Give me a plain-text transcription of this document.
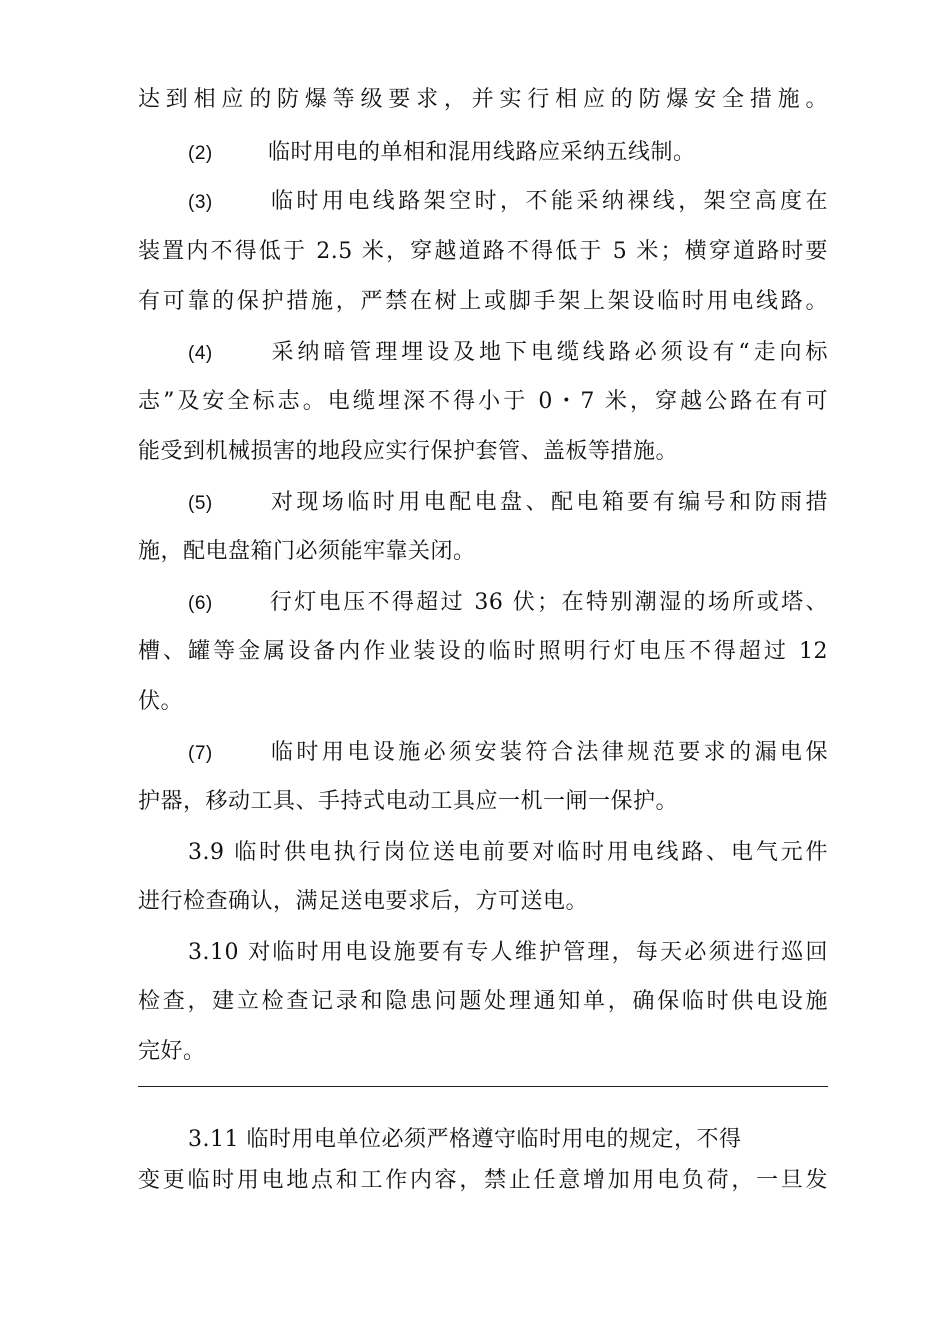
达到相应的防爆等级要求，并实行相应的防爆安全措施。
(2)	临时用电的单相和混用线路应采纳五线制。
(3)	临时用电线路架空时，不能采纳裸线，架空高度在
装置内不得低于 2.5 米，穿越道路不得低于 5 米；横穿道路时要
有可靠的保护措施，严禁在树上或脚手架上架设临时用电线路。
(4)	采纳暗管理埋设及地下电缆线路必须设有“走向标
志”及安全标志。电缆埋深不得小于 0・7 米，穿越公路在有可
能受到机械损害的地段应实行保护套管、盖板等措施。
(5)	对现场临时用电配电盘、配电箱要有编号和防雨措
施，配电盘箱门必须能牢靠关闭。
(6)	行灯电压不得超过 36 伏；在特别潮湿的场所或塔、
槽、罐等金属设备内作业装设的临时照明行灯电压不得超过 12
伏。
(7)	临时用电设施必须安装符合法律规范要求的漏电保
护器，移动工具、手持式电动工具应一机一闸一保护。
3.9 临时供电执行岗位送电前要对临时用电线路、电气元件
进行检查确认，满足送电要求后，方可送电。
3.10 对临时用电设施要有专人维护管理，每天必须进行巡回
检查，建立检查记录和隐患问题处理通知单，确保临时供电设施
完好。
3.11 临时用电单位必须严格遵守临时用电的规定，不得
变更临时用电地点和工作内容，禁止任意增加用电负荷，一旦发
